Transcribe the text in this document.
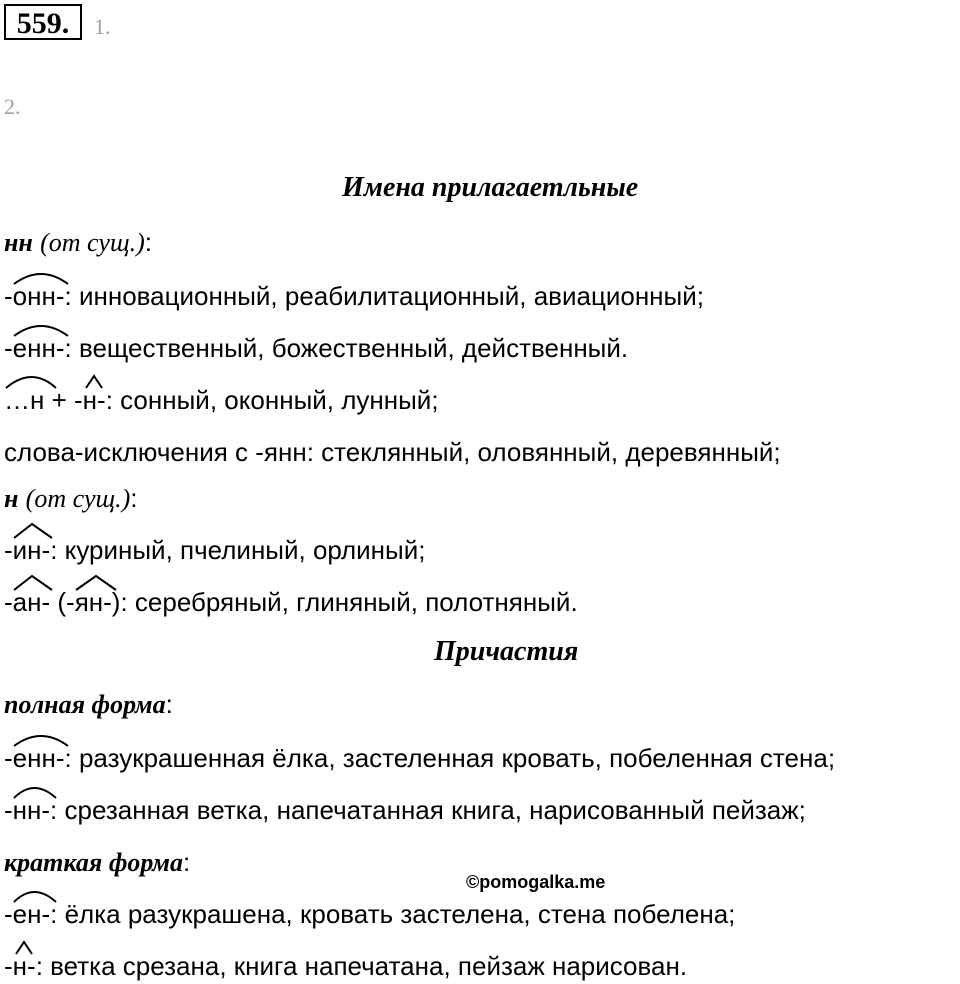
559.	1.
2.
Имена прилагаетльные
нн (от сущ.):
-онн-: инновационный, реабилитационный, авиационный;
-енн-: вещественный, божественный, действенный.
…н +
-н-: сонный, оконный, лунный;
слова-исключения с -янн: стеклянный, оловянный, деревянный;
н (от сущ.):
-ин-: куриный, пчелиный, орлиный;
-ан- (
-ян-): серебряный, глиняный, полотняный.
Причастия
полная форма:
-енн-: разукрашенная ёлка, застеленная кровать, побеленная стена;
-нн-: срезанная ветка, напечатанная книга, нарисованный пейзаж;
краткая форма:
©pomogalka.me
-ен-: ёлка разукрашена, кровать застелена, стена побелена;
-н-: ветка срезана, книга напечатана, пейзаж нарисован.
